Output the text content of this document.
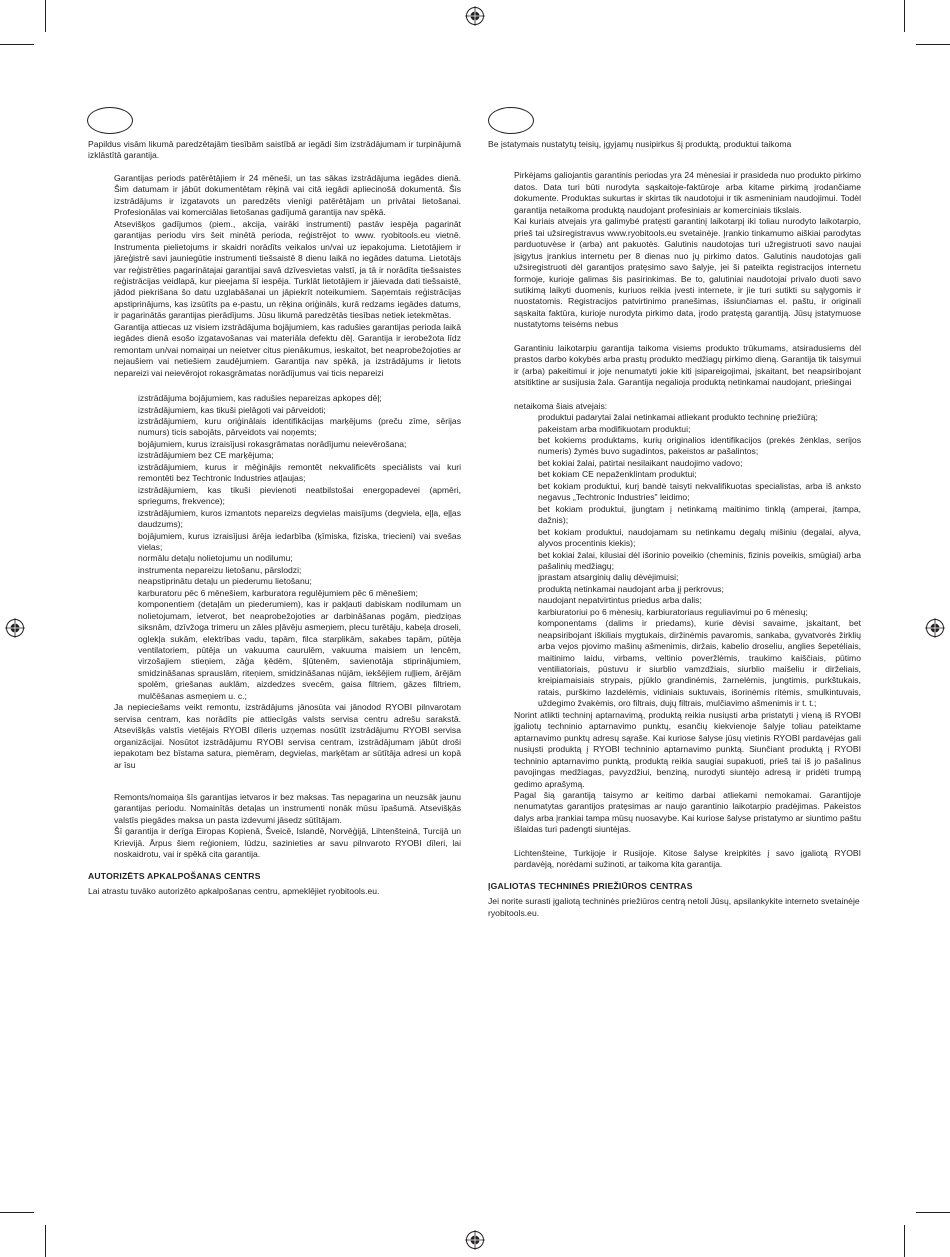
Papildus visām likumā paredzētajām tiesībām saistībā ar iegādi šim izstrādājumam ir turpinājumā izklāstītā garantija.

Garantijas periods patērētājiem ir 24 mēneši, un tas sākas izstrādājuma iegādes dienā. Šim datumam ir jābūt dokumentētam rēķinā vai citā iegādi apliecinošā dokumentā. Šis izstrādājums ir izgatavots un paredzēts vienīgi patērētājam un privātai lietošanai. Profesionālas vai komerciālas lietošanas gadījumā garantija nav spēkā.

Atsevišķos gadījumos (piem., akcija, vairāki instrumenti) pastāv iespēja pagarināt garantijas periodu virs šeit minētā perioda, reģistrējot to www. ryobitools.eu vietnē. Instrumenta pielietojums ir skaidri norādīts veikalos un/vai uz iepakojuma. Lietotājiem ir jāreģistrē savi jauniegūtie instrumenti tiešsaistē 8 dienu laikā no iegādes datuma. Lietotājs var reģistrēties pagarinātajai garantijai savā dzīvesvietas valstī, ja tā ir norādīta tiešsaistes reģistrācijas veidlapā, kur pieejama šī iespēja. Turklāt lietotājiem ir jāievada dati tiešsaistē, jādod piekrišana šo datu uzglabāšanai un jāpiekrīt noteikumiem. Saņemtais reģistrācijas apstiprinājums, kas izsūtīts pa e-pastu, un rēķina oriģināls, kurā redzams iegādes datums, ir pagarinātās garantijas pierādījums. Jūsu likumā paredzētās tiesības netiek ietekmētas.

Garantija attiecas uz visiem izstrādājuma bojājumiem, kas radušies garantijas perioda laikā iegādes dienā esošo izgatavošanas vai materiāla defektu dēļ. Garantija ir ierobežota līdz remontam un/vai nomaiņai un neietver citus pienākumus, ieskaitot, bet neaprobežojoties ar nejaušiem vai netiešiem zaudējumiem. Garantija nav spēkā, ja izstrādājums ir lietots nepareizi vai neievērojot rokasgrāmatas norādījumus vai ticis nepareizi

izstrādājuma bojājumiem, kas radušies nepareizas apkopes dēļ;

izstrādājumiem, kas tikuši pielāgoti vai pārveidoti;

izstrādājumiem, kuru oriģinālais identifikācijas marķējums (preču zīme, sērijas numurs) ticis sabojāts, pārveidots vai noņemts;

bojājumiem, kurus izraisījusi rokasgrāmatas norādījumu neievērošana;

izstrādājumiem bez CE marķējuma;

izstrādājumiem, kurus ir mēģinājis remontēt nekvalificēts speciālists vai kuri remontēti bez Techtronic Industries atļaujas;

izstrādājumiem, kas tikuši pievienoti neatbilstošai energopadevei (apmēri, spriegums, frekvence);

izstrādājumiem, kuros izmantots nepareizs degvielas maisījums (degviela, eļļa, eļļas daudzums);

bojājumiem, kurus izraisījusi ārēja iedarbība (ķīmiska, fiziska, triecieni) vai svešas vielas;

normālu detaļu nolietojumu un nodilumu;

instrumenta nepareizu lietošanu, pārslodzi;

neapstiprinātu detaļu un piederumu lietošanu;

karburatoru pēc 6 mēnešiem, karburatora regulējumiem pēc 6 mēnešiem;

komponentiem (detaļām un piederumiem), kas ir pakļauti dabiskam nodilumam un nolietojumam, ietverot, bet neaprobežojoties ar darbināšanas pogām, piedziņas siksnām, dzīvžoga trimeru un zāles pļāvēju asmeņiem, plecu turētāju, kabeļa droseli, oglekļa sukām, elektrības vadu, tapām, filca starplikām, sakabes tapām, pūtēja ventilatoriem, pūtēja un vakuuma caurulēm, vakuuma maisiem un lencēm, virzošajiem stieņiem, zāģa ķēdēm, šļūtenēm, savienotāja stiprinājumiem, smidzināšanas sprauslām, riteņiem, smidzināšanas nūjām, iekšējiem ruļļiem, ārējām spolēm, griešanas auklām, aizdedzes svecēm, gaisa filtriem, gāzes filtriem, mulčēšanas asmeņiem u. c.;

Ja nepieciešams veikt remontu, izstrādājums jānosūta vai jānodod RYOBI pilnvarotam servisa centram, kas norādīts pie attiecīgās valsts servisa centru adrešu sarakstā. Atsevišķās valstīs vietējais RYOBI dīleris uzņemas nosūtīt izstrādājumu RYOBI servisa organizācijai. Nosūtot izstrādājumu RYOBI servisa centram, izstrādājumam jābūt droši iepakotam bez bīstama satura, piemēram, degvielas, marķētam ar sūtītāja adresi un kopā ar īsu

Remonts/nomaiņa šīs garantijas ietvaros ir bez maksas. Tas nepagarina un neuzsāk jaunu garantijas periodu. Nomainītās detaļas un instrumenti nonāk mūsu īpašumā. Atsevišķās valstīs piegādes maksa un pasta izdevumi jāsedz sūtītājam.

Šī garantija ir derīga Eiropas Kopienā, Šveicē, Islandē, Norvēģijā, Lihtenšteinā, Turcijā un Krievijā. Ārpus šiem reģioniem, lūdzu, sazinieties ar savu pilnvaroto RYOBI dīleri, lai noskaidrotu, vai ir spēkā cita garantija.

AUTORIZĒTS APKALPOŠANAS CENTRS

Lai atrastu tuvāko autorizēto apkalpošanas centru, apmeklējiet ryobitools.eu.

Be įstatymais nustatytų teisių, įgyjamų nusipirkus šį produktą, produktui taikoma

Pirkėjams galiojantis garantinis periodas yra 24 mėnesiai ir prasideda nuo produkto pirkimo datos. Data turi būti nurodyta sąskaitoje-faktūroje arba kitame pirkimą įrodančiame dokumente. Produktas sukurtas ir skirtas tik naudotojui ir tik asmeniniam naudojimui. Todėl garantija netaikoma produktą naudojant profesiniais ar komerciniais tikslais.

Kai kuriais atvejais yra galimybė pratęsti garantinį laikotarpį iki toliau nurodyto laikotarpio, prieš tai užsiregistravus www.ryobitools.eu svetainėje. Įrankio tinkamumo aiškiai parodytas parduotuvėse ir (arba) ant pakuotės. Galutinis naudotojas turi užregistruoti savo naujai įsigytus įrankius internetu per 8 dienas nuo jų pirkimo datos. Galutinis naudotojas gali užsiregistruoti dėl garantijos pratęsimo savo šalyje, jei ši pateikta registracijos internetu formoje, kurioje galimas šis pasirinkimas. Be to, galutiniai naudotojai privalo duoti savo sutikimą laikyti duomenis, kuriuos reikia įvesti internete, ir jie turi sutikti su sąlygomis ir nuostatomis. Registracijos patvirtinimo pranešimas, išsiunčiamas el. paštu, ir originali sąskaita faktūra, kurioje nurodyta pirkimo data, įrodo pratęstą garantiją. Jūsų įstatymuose nustatytoms teisėms nebus

Garantiniu laikotarpiu garantija taikoma visiems produkto trūkumams, atsiradusiems dėl prastos darbo kokybės arba prastų produkto medžiagų pirkimo dieną. Garantija tik taisymui ir (arba) pakeitimui ir joje nenumatyti jokie kiti įsipareigojimai, įskaitant, bet neapsiribojant atsitiktine ar susijusia žala. Garantija negalioja produktą netinkamai naudojant, priešingai

netaikoma šiais atvejais:

produktui padarytai žalai netinkamai atliekant produkto techninę priežiūrą;

pakeistam arba modifikuotam produktui;

bet kokiems produktams, kurių originalios identifikacijos (prekės ženklas, serijos numeris) žymės buvo sugadintos, pakeistos ar pašalintos;

bet kokiai žalai, patirtai nesilaikant naudojimo vadovo;

bet kokiam CE nepaženklintam produktui;

bet kokiam produktui, kurį bandė taisyti nekvalifikuotas specialistas, arba iš anksto negavus „Techtronic Industries" leidimo;

bet kokiam produktui, įjungtam į netinkamą maitinimo tinklą (amperai, įtampa, dažnis);

bet kokiam produktui, naudojamam su netinkamu degalų mišiniu (degalai, alyva, alyvos procentinis kiekis);

bet kokiai žalai, kilusiai dėl išorinio poveikio (cheminis, fizinis poveikis, smūgiai) arba pašalinių medžiagų;

įprastam atsarginių dalių dėvėjimuisi;

produktą netinkamai naudojant arba jį perkrovus;

naudojant nepatvirtintus priedus arba dalis;

karbiuratoriui po 6 mėnesių, karbiuratoriaus reguliavimui po 6 mėnesių;

komponentams (dalims ir priedams), kurie dėvisi savaime, įskaitant, bet neapsiribojant iškiliais mygtukais, diržinėmis pavaromis, sankaba, gyvatvorės žirklių arba vejos pjovimo mašinų ašmenimis, diržais, kabelio droseliu, anglies šepetėliais, maitinimo laidu, virbams, veltinio poveržlėmis, traukimo kaiščiais, pūtimo ventiliatoriais, pūstuvu ir siurblio vamzdžiais, siurblio maišeliu ir dirželiais, kreipiamaisiais strypais, pjūklo grandinėmis, žarnelėmis, jungtimis, purkštukais, ratais, purškimo lazdelėmis, vidiniais suktuvais, išorinėmis ritėmis, smulkintuvais, uždegimo žvakėmis, oro filtrais, dujų filtrais, mulčiavimo ašmenimis ir t. t.;

Norint atlikti techninį aptarnavimą, produktą reikia nusiųsti arba pristatyti į vieną iš RYOBI įgaliotų techninio aptarnavimo punktų, esančių kiekvienoje šalyje toliau pateiktame aptarnavimo punktų adresų sąraše. Kai kuriose šalyse jūsų vietinis RYOBI pardavėjas gali nusiųsti produktą į RYOBI techninio aptarnavimo punktą. Siunčiant produktą į RYOBI techninio aptarnavimo punktą, produktą reikia saugiai supakuoti, prieš tai iš jo pašalinus pavojingas medžiagas, pavyzdžiui, benziną, nurodyti siuntėjo adresą ir pridėti trumpą gedimo aprašymą.

Pagal šią garantiją taisymo ar keitimo darbai atliekami nemokamai. Garantijoje nenumatytas garantijos pratęsimas ar naujo garantinio laikotarpio pradėjimas. Pakeistos dalys arba įrankiai tampa mūsų nuosavybe. Kai kuriose šalyse pristatymo ar siuntimo paštu išlaidas turi padengti siuntėjas.

Lichtenšteine, Turkijoje ir Rusijoje. Kitose šalyse kreipkitės į savo įgaliotą RYOBI pardavėją, norėdami sužinoti, ar taikoma kita garantija.

ĮGALIOTAS TECHNINĖS PRIEŽIŪROS CENTRAS

Jei norite surasti įgaliotą techninės priežiūros centrą netoli Jūsų, apsilankykite interneto svetainėje ryobitools.eu.
